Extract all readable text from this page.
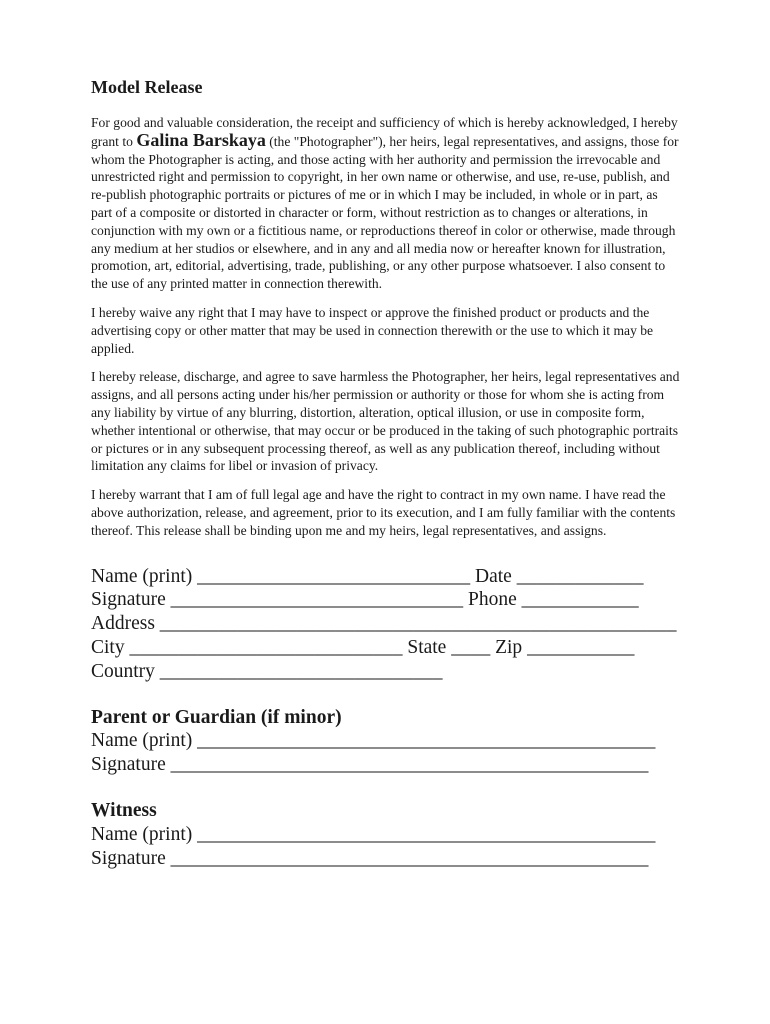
Model Release

For good and valuable consideration, the receipt and sufficiency of which is hereby acknowledged, I hereby grant to Galina Barskaya (the "Photographer"), her heirs, legal representatives, and assigns, those for whom the Photographer is acting, and those acting with her authority and permission the irrevocable and unrestricted right and permission to copyright, in her own name or otherwise, and use, re-use, publish, and re-publish photographic portraits or pictures of me or in which I may be included, in whole or in part, as part of a composite or distorted in character or form, without restriction as to changes or alterations, in conjunction with my own or a fictitious name, or reproductions thereof in color or otherwise, made through any medium at her studios or elsewhere, and in any and all media now or hereafter known for illustration, promotion, art, editorial, advertising, trade, publishing, or any other purpose whatsoever. I also consent to the use of any printed matter in connection therewith.

I hereby waive any right that I may have to inspect or approve the finished product or products and the advertising copy or other matter that may be used in connection therewith or the use to which it may be applied.

I hereby release, discharge, and agree to save harmless the Photographer, her heirs, legal representatives and assigns, and all persons acting under his/her permission or authority or those for whom she is acting from any liability by virtue of any blurring, distortion, alteration, optical illusion, or use in composite form, whether intentional or otherwise, that may occur or be produced in the taking of such photographic portraits or pictures or in any subsequent processing thereof, as well as any publication thereof, including without limitation any claims for libel or invasion of privacy.

I hereby warrant that I am of full legal age and have the right to contract in my own name. I have read the above authorization, release, and agreement, prior to its execution, and I am fully familiar with the contents thereof. This release shall be binding upon me and my heirs, legal representatives, and assigns.

Name (print) ____________________________ Date _____________
Signature ______________________________ Phone ____________
Address _____________________________________________________
City ____________________________ State ____ Zip ___________
Country _____________________________
Parent or Guardian (if minor)
Name (print) _______________________________________________
Signature _________________________________________________
Witness
Name (print) _______________________________________________
Signature _________________________________________________
